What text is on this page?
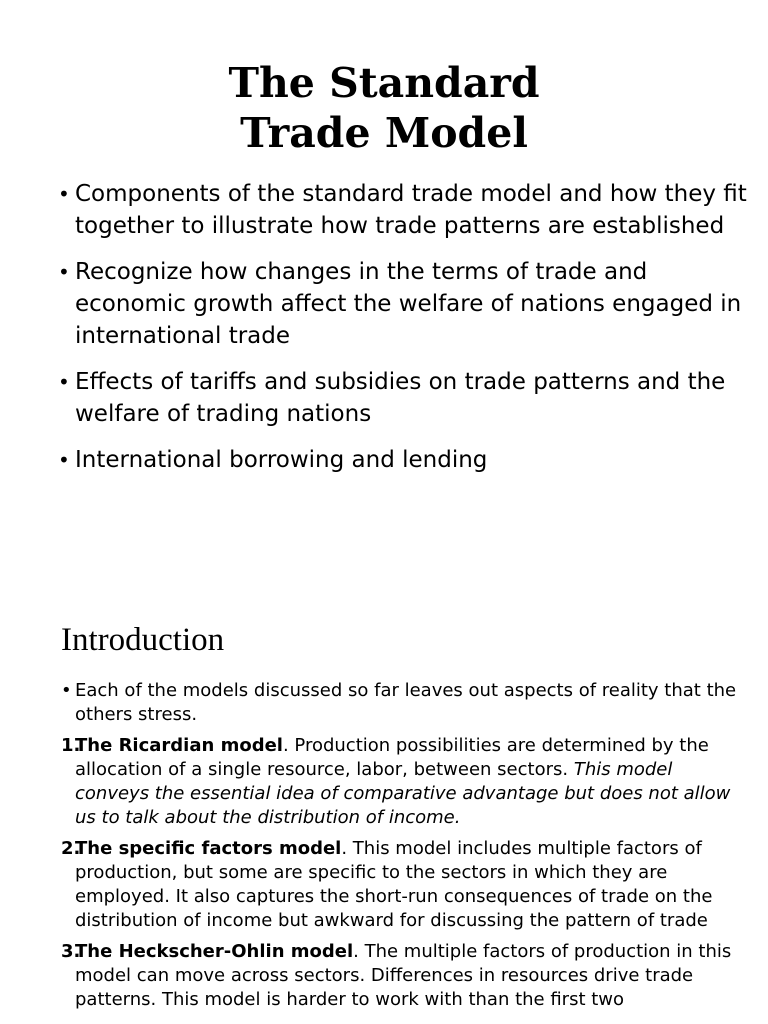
The Standard
Trade Model
• Components of the standard trade model and how they fit together to illustrate how trade patterns are established
• Recognize how changes in the terms of trade and economic growth affect the welfare of nations engaged in international trade
• Effects of tariffs and subsidies on trade patterns and the welfare of trading nations
• International borrowing and lending
Introduction
• Each of the models discussed so far leaves out aspects of reality that the others stress.
1.
The Ricardian model. Production possibilities are determined by the allocation of a single resource, labor, between sectors. This model conveys the essential idea of comparative advantage but does not allow us to talk about the distribution of income.
2.
The specific factors model. This model includes multiple factors of production, but some are specific to the sectors in which they are employed. It also captures the short-run consequences of trade on the distribution of income but awkward for discussing the pattern of trade
3.
The Heckscher-Ohlin model. The multiple factors of production in this model can move across sectors. Differences in resources drive trade patterns. This model is harder to work with than the first two
